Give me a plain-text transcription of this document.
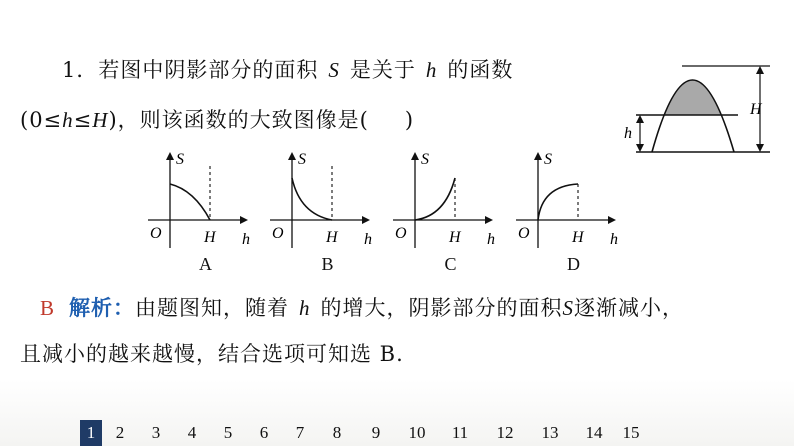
1．若图中阴影部分的面积 S 是关于 h 的函数
(0≤h≤H)，则该函数的大致图像是( )
S
O	H h
A
S
O	H h
B
S
O	H h
C
S
O	H h
D
H
h
B 解析：由题图知，随着 h 的增大，阴影部分的面积S逐渐减小，
且减小的越来越慢，结合选项可知选 B.
1	2	3	4	5	6	7	8	9	10	11	12	13	14	15
